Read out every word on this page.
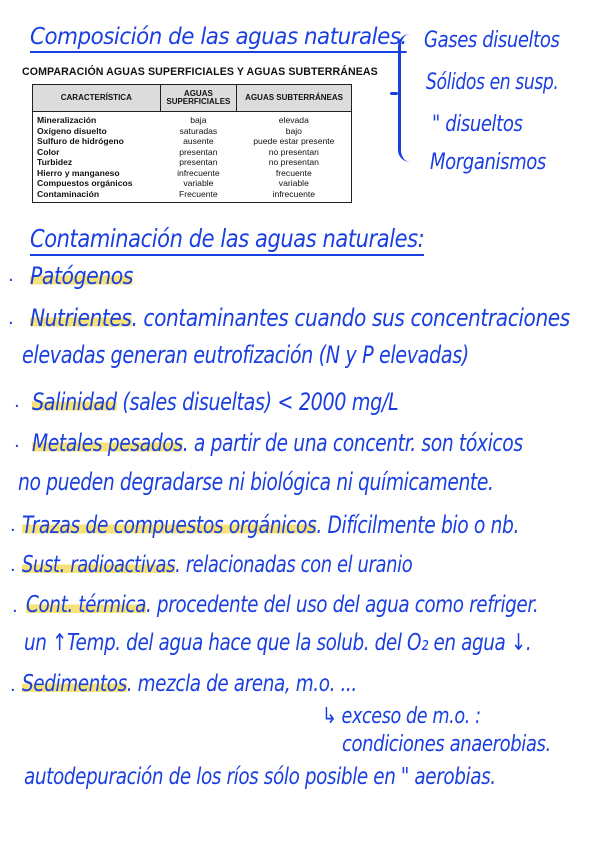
Composición de las aguas naturales. Gases disueltos
Sólidos en susp.
" disueltos
Morganismos
COMPARACIÓN AGUAS SUPERFICIALES Y AGUAS SUBTERRÁNEAS
CARACTERÍSTICA	AGUAS SUPERFICIALES	AGUAS SUBTERRÁNEAS
Mineralización	baja	elevada
Oxígeno disuelto	saturadas	bajo
Sulfuro de hidrógeno	ausente	puede estar presente
Color	presentan	no presentan
Turbidez	presentan	no presentan
Hierro y manganeso	infrecuente	frecuente
Compuestos orgánicos	variable	variable
Contaminación	Frecuente	infrecuente
Contaminación de las aguas naturales:
· Patógenos
· Nutrientes. contaminantes cuando sus concentraciones
elevadas generan eutrofización (N y P elevadas)
· Salinidad (sales disueltas) < 2000 mg/L
· Metales pesados. a partir de una concentr. son tóxicos
no pueden degradarse ni biológica ni químicamente.
· Trazas de compuestos orgánicos. Difícilmente bio o nb.
· Sust. radioactivas. relacionadas con el uranio
· Cont. térmica. procedente del uso del agua como refriger.
un ↑Temp. del agua hace que la solub. del O₂ en agua ↓.
· Sedimentos. mezcla de arena, m.o. ...
↳ exceso de m.o. :
condiciones anaerobias.
autodepuración de los ríos sólo posible en " aerobias.
